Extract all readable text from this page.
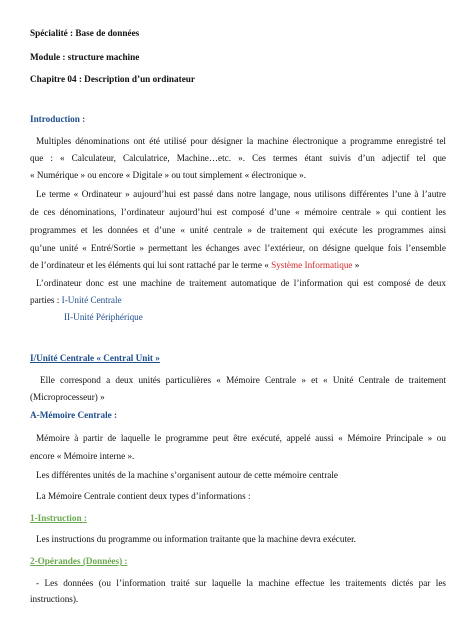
Spécialité : Base de données
Module : structure machine
Chapitre 04 : Description d’un ordinateur
Introduction :
Multiples dénominations ont été utilisé pour désigner la machine électronique a programme enregistré tel
que : « Calculateur, Calculatrice, Machine…etc. ». Ces termes étant suivis d’un adjectif tel que
« Numérique » ou encore « Digitale » ou tout simplement « électronique ».
Le terme « Ordinateur » aujourd’hui est passé dans notre langage, nous utilisons différentes l’une à l’autre
de ces dénominations, l’ordinateur aujourd’hui est composé d’une « mémoire centrale » qui contient les
programmes et les données et d’une « unité centrale » de traitement qui exécute les programmes ainsi
qu’une unité « Entré/Sortie » permettant les échanges avec l’extérieur, on désigne quelque fois l’ensemble
de l’ordinateur et les éléments qui lui sont rattaché par le terme « Système Informatique »
L’ordinateur donc est une machine de traitement automatique de l’information qui est composé de deux
parties : I-Unité Centrale
II-Unité Périphérique
I/Unité Centrale « Central Unit »
Elle correspond a deux unités particulières « Mémoire Centrale » et « Unité Centrale de traitement
(Microprocesseur) »
A-Mémoire Centrale :
Mémoire à partir de laquelle le programme peut être exécuté, appelé aussi « Mémoire Principale » ou
encore « Mémoire interne ».
Les différentes unités de la machine s’organisent autour de cette mémoire centrale
La Mémoire Centrale contient deux types d’informations :
1-Instruction :
Les instructions du programme ou information traitante que la machine devra exécuter.
2-Opérandes (Données) :
- Les données (ou l’information traité sur laquelle la machine effectue les traitements dictés par les
instructions).
